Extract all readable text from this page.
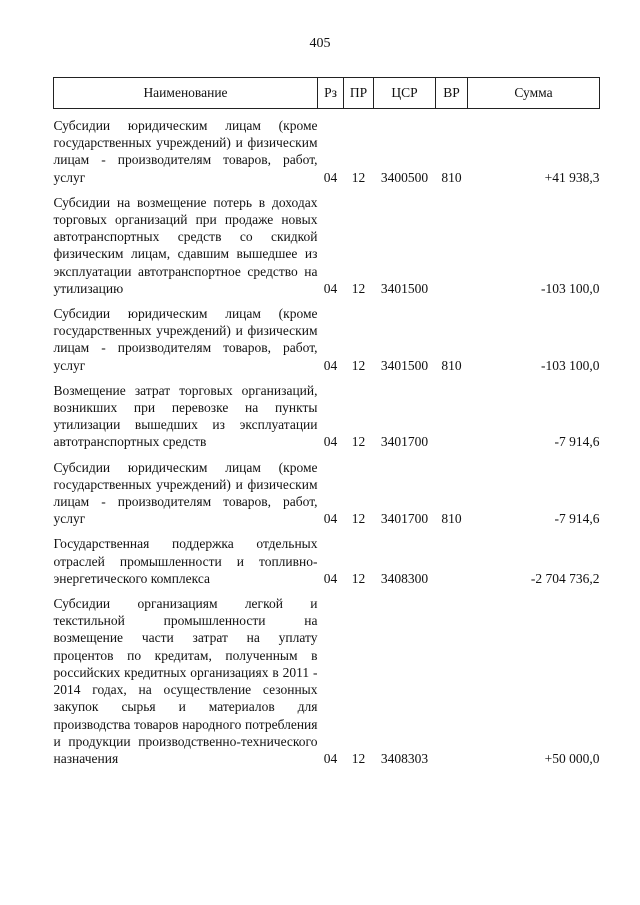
405
Наименование	Рз	ПР	ЦСР	ВР	Сумма

Субсидии юридическим лицам (кроме государственных учреждений) и физическим лицам - производителям товаров, работ, услуг	04	12	3400500	810	+41 938,3

Субсидии на возмещение потерь в доходах торговых организаций при продаже новых автотранспортных средств со скидкой физическим лицам, сдавшим вышедшее из эксплуатации автотранспортное средство на утилизацию	04	12	3401500		-103 100,0

Субсидии юридическим лицам (кроме государственных учреждений) и физическим лицам - производителям товаров, работ, услуг	04	12	3401500	810	-103 100,0

Возмещение затрат торговых организаций, возникших при перевозке на пункты утилизации вышедших из эксплуатации автотранспортных средств	04	12	3401700		-7 914,6

Субсидии юридическим лицам (кроме государственных учреждений) и физическим лицам - производителям товаров, работ, услуг	04	12	3401700	810	-7 914,6

Государственная поддержка отдельных отраслей промышленности и топливно-энергетического комплекса	04	12	3408300		-2 704 736,2

Субсидии организациям легкой и текстильной промышленности на возмещение части затрат на уплату процентов по кредитам, полученным в российских кредитных организациях в 2011 - 2014 годах, на осуществление сезонных закупок сырья и материалов для производства товаров народного потребления и продукции производственно-технического назначения	04	12	3408303		+50 000,0
